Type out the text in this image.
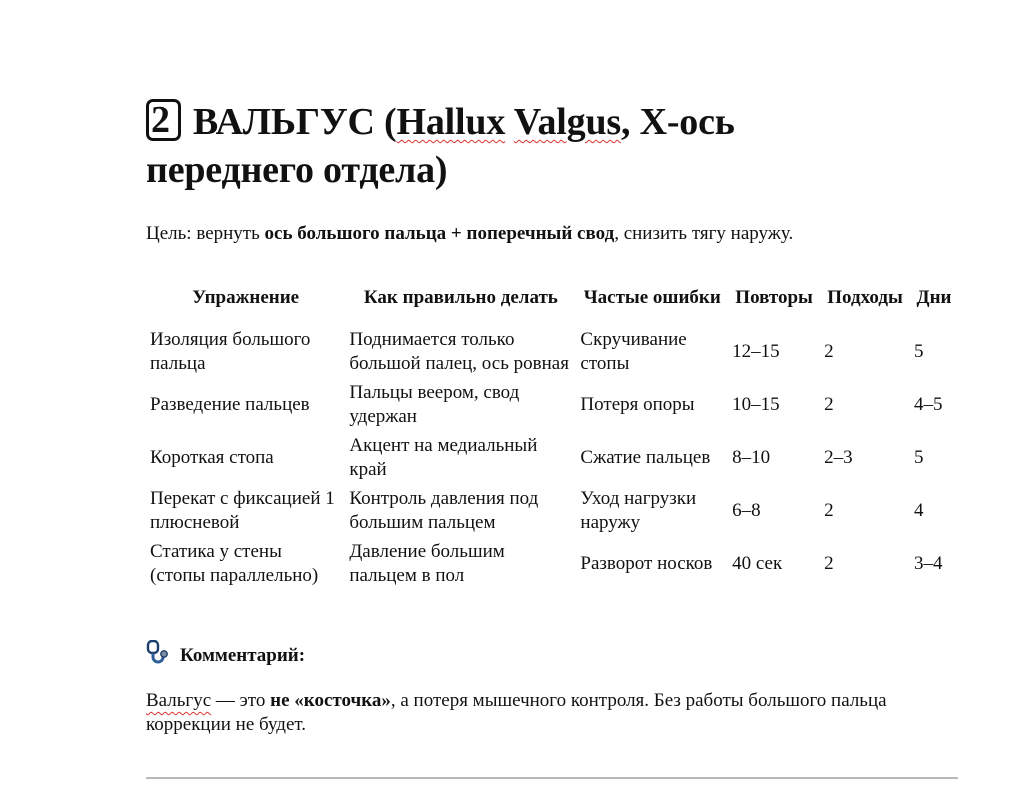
2 ВАЛЬГУС (Hallux Valgus, X-ось переднего отдела)
Цель: вернуть ось большого пальца + поперечный свод, снизить тягу наружу.
Упражнение	Как правильно делать	Частые ошибки	Повторы	Подходы	Дни
Изоляция большого пальца	Поднимается только большой палец, ось ровная	Скручивание стопы	12–15	2	5
Разведение пальцев	Пальцы веером, свод удержан	Потеря опоры	10–15	2	4–5
Короткая стопа	Акцент на медиальный край	Сжатие пальцев	8–10	2–3	5
Перекат с фиксацией 1 плюсневой	Контроль давления под большим пальцем	Уход нагрузки наружу	6–8	2	4
Статика у стены (стопы параллельно)	Давление большим пальцем в пол	Разворот носков	40 сек	2	3–4
Комментарий:
Вальгус — это не «косточка», а потеря мышечного контроля. Без работы большого пальца коррекции не будет.
